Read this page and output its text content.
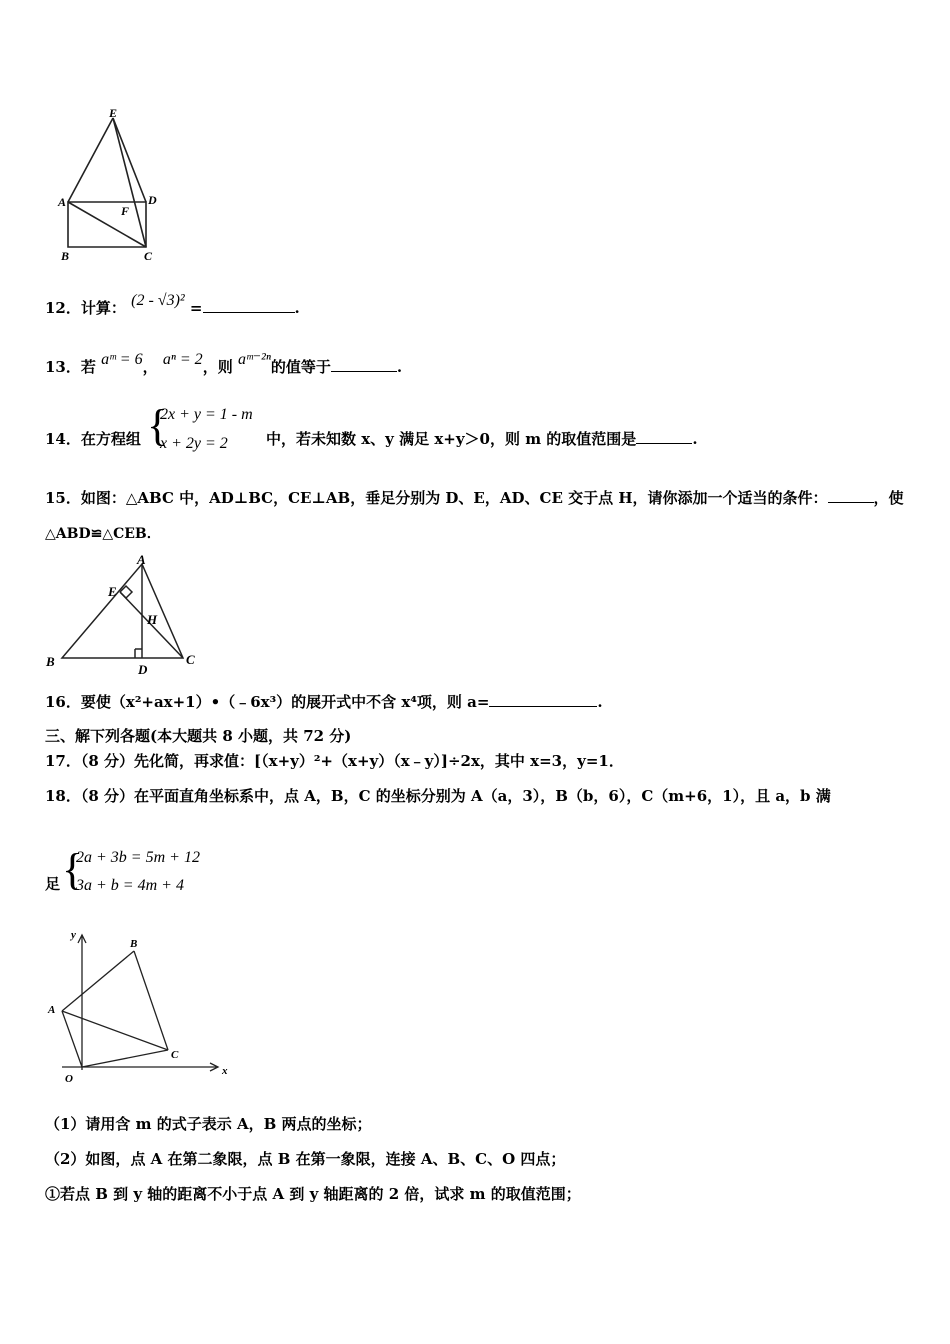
E
A	D
F
B	C
12．计算： (2 - √3)² =	.
13．若 aᵐ = 6， aⁿ = 2，则 aᵐ⁻²ⁿ的值等于	.
14．在方程组 {
2x + y = 1 - m
x + 2y = 2	中，若未知数 x、y 满足 x+y＞0，则 m 的取值范围是	.
15．如图：△ABC 中，AD⊥BC，CE⊥AB，垂足分别为 D、E，AD、CE 交于点 H，请你添加一个适当的条件：	，使
△ABD≌△CEB．
A
E
H
B
D
C
16．要使（x²+ax+1）•（﹣6x³）的展开式中不含 x⁴项，则 a=	.
三、解下列各题(本大题共 8 小题，共 72 分)
17．（8 分）先化简，再求值：[（x+y）²+（x+y）（x﹣y）]÷2x，其中 x=3，y=1．
18．（8 分）在平面直角坐标系中，点 A，B，C 的坐标分别为 A（a，3），B（b，6），C（m+6，1），且 a，b 满
足 {
2a + 3b = 5m + 12
3a + b = 4m + 4
y
B
A
C
O
x
（1）请用含 m 的式子表示 A，B 两点的坐标；
（2）如图，点 A 在第二象限，点 B 在第一象限，连接 A、B、C、O 四点；
①若点 B 到 y 轴的距离不小于点 A 到 y 轴距离的 2 倍，试求 m 的取值范围；
